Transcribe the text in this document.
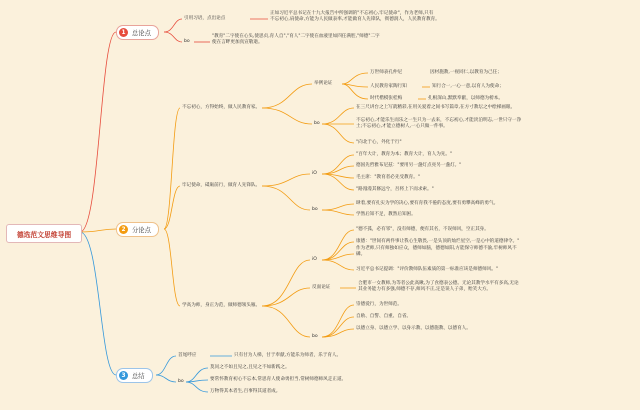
德选范文思维导图
1	总论点
2	分论点
3	总结
引用习语，点出论点
正如习近平总书记在十九大报告中所强调的"不忘初心,牢记使命"，作为老师,只有
不忘初心,肩使命,方能为人民做表率,才能做育人先锋队，彻德润人，人民教育教育。
bo
"教育"二字使在心头,使思贞,育人自","育人"二字使在血液里如四任满腔,"师德"二字
使在言畔更加真宣敬逝。
不忘初心，方得始终，做人民教育家。
举例论证
万世师表孔仲尼	因材施教,一视同仁,以教育为己任；
人民教育家陶行知	知行合一,一心一意,以育人为使命；
时代楷模张桂梅	扎根深山,默默奉献，以师德为榜本。
bo
在三尺讲台之上写就精彩,在用关爱着之间书写篇章,在方寸教坛之中绘梯画眼。
不忘初心,才能乐生而乐之一生只为一去来，不忘初心,才能淡泊明志,一世只守一净
土;不忘初心,才能立德树人,一心只做一件事。
"向北于心，外化于行"
牢记使命，砥砺前行，做育人先锋队。
iO
"百年大计，教育为本；教育大计，育人为先。"
德国先哲雅布尼兹："要用另一盏灯点亮另一盏灯。"
毛主席："教育者必先受教育。"
"路漫漫其修远兮，吾将上下而求索。"
bo
肆着,要有扎实为学的决心,要有育我不倦的态度,要有勇攀高峰的勇气。
学然后知不足，教然后知困。
学高为师，身正为范，做师德领头雁。
iO
"德不孤，必有邻"，没有师德，便有其名，不误师风，空正其身。
康德："世间有两件事让我心生敬畏,一是头顶的灿烂星空,一是心中的道德律令。"
作为老师,只有师独如应众，德师如脑，德德如阳,方能保守师德不渝,牢树师风不
磷。
习近平总书记提调："评价教师队伍素质的第一标准应该是师德师风。"
反面论证
合肥市一女教师,为等者公此高瞅,为了食德表公德。无论其教学水平有多高,无论
其业务能力有多强,师德不存,师风不正,定是误人子弟，贻笑大方。
bo
崇德爱行，为世师范。
自励、自警、自重、自省。
以德立身、以德立学、以身示教、以德施教、以德育人。
首尾呼应	只有甘为人梯，甘于奉献,方能乐为师者，乐于育人。
bo
莫问之不如且见之,且见之不如新践之。
要常怀教育初心不忘本,常思育人使命勇担当,常树师德师风走正道。
万物得其本者生,百事得其道者成。
